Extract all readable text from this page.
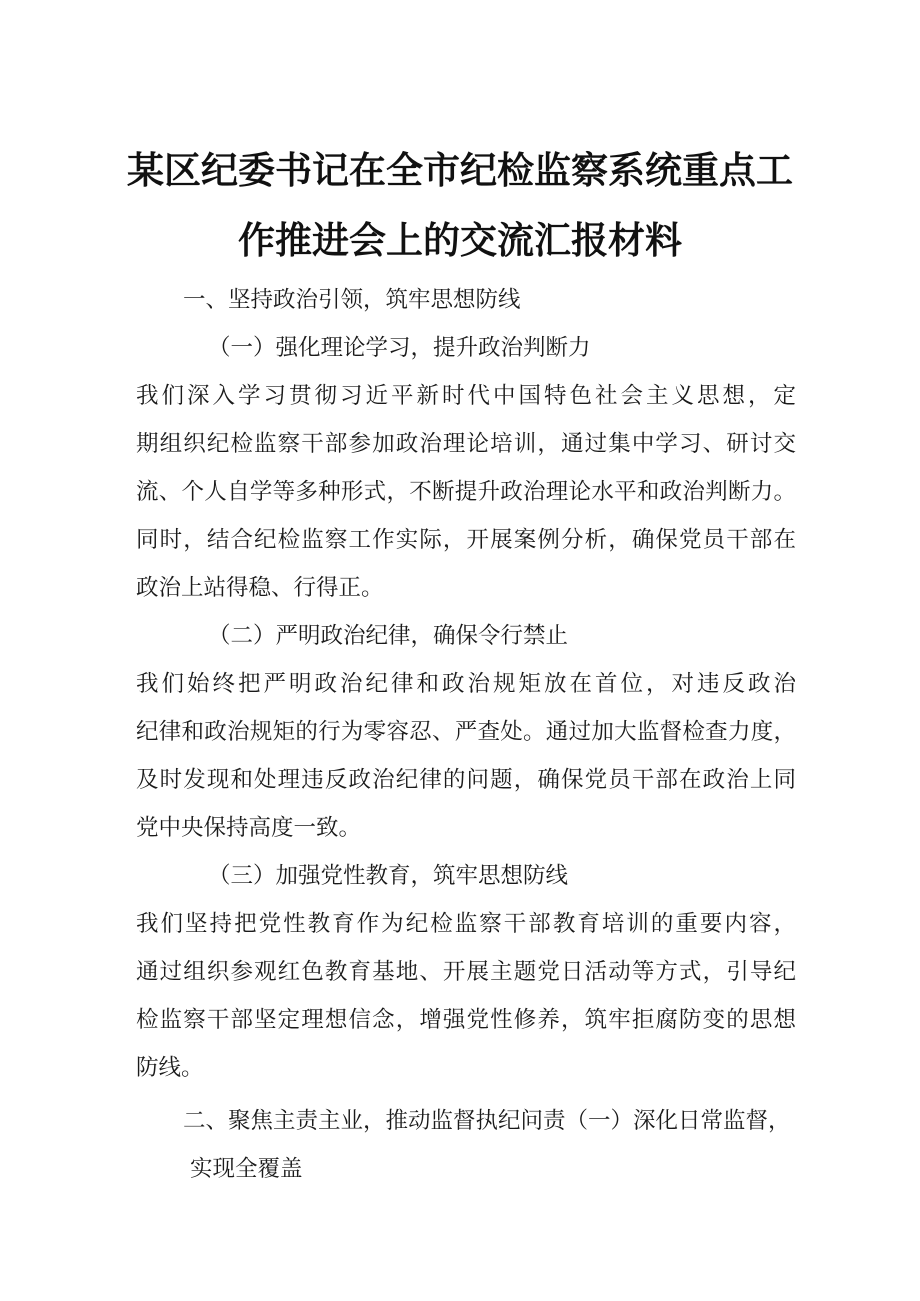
某区纪委书记在全市纪检监察系统重点工
作推进会上的交流汇报材料
一、坚持政治引领，筑牢思想防线
（一）强化理论学习，提升政治判断力
我们深入学习贯彻习近平新时代中国特色社会主义思想，定
期组织纪检监察干部参加政治理论培训，通过集中学习、研讨交
流、个人自学等多种形式，不断提升政治理论水平和政治判断力。
同时，结合纪检监察工作实际，开展案例分析，确保党员干部在
政治上站得稳、行得正。
（二）严明政治纪律，确保令行禁止
我们始终把严明政治纪律和政治规矩放在首位，对违反政治
纪律和政治规矩的行为零容忍、严查处。通过加大监督检查力度，
及时发现和处理违反政治纪律的问题，确保党员干部在政治上同
党中央保持高度一致。
（三）加强党性教育，筑牢思想防线
我们坚持把党性教育作为纪检监察干部教育培训的重要内容，
通过组织参观红色教育基地、开展主题党日活动等方式，引导纪
检监察干部坚定理想信念，增强党性修养，筑牢拒腐防变的思想
防线。
二、聚焦主责主业，推动监督执纪问责（一）深化日常监督，
实现全覆盖
